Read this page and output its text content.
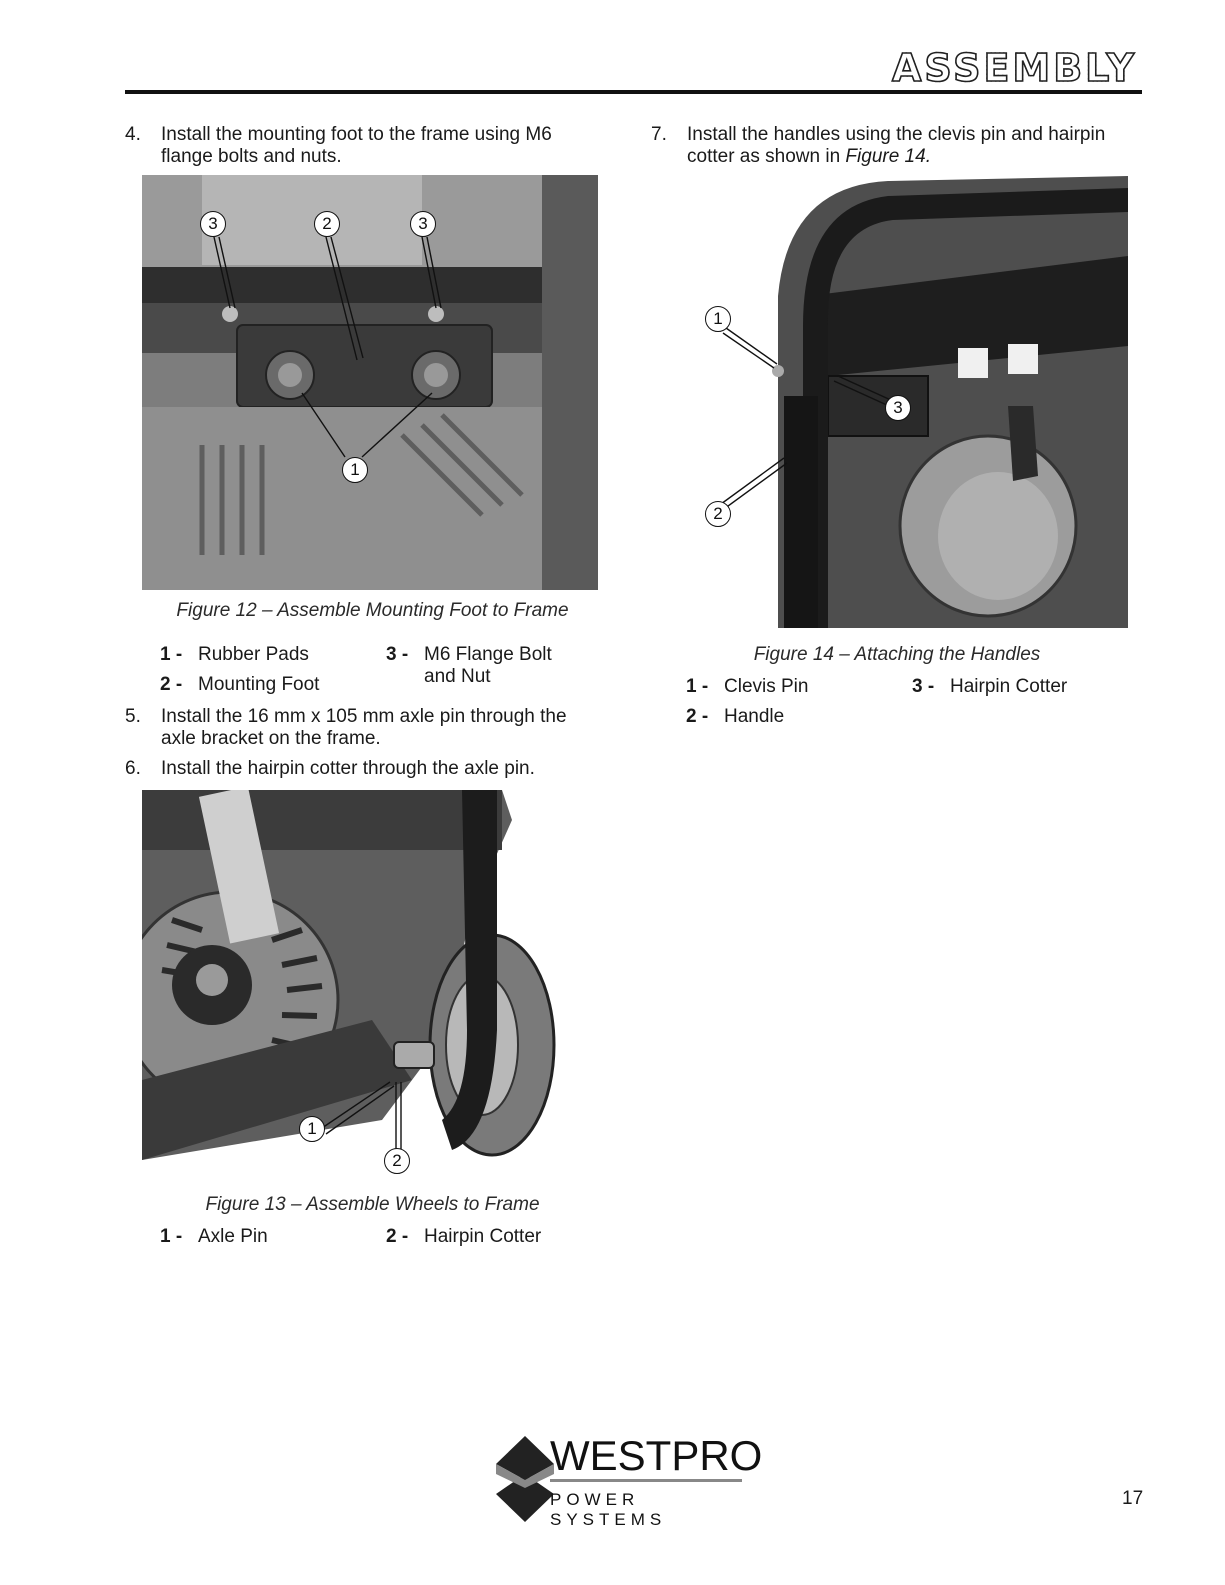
ASSEMBLY
4. Install the mounting foot to the frame using M6
flange bolts and nuts.
3	2	3
1
Figure 12 – Assemble Mounting Foot to Frame
1 - Rubber Pads
2 - Mounting Foot
3 - M6 Flange Bolt
and Nut
5. Install the 16 mm x 105 mm axle pin through the
axle bracket on the frame.
6. Install the hairpin cotter through the axle pin.
1
2
Figure 13 – Assemble Wheels to Frame
1 - Axle Pin	2 - Hairpin Cotter
7. Install the handles using the clevis pin and hairpin
cotter as shown in Figure 14.
1
3
2
Figure 14 – Attaching the Handles
1 - Clevis Pin
2 - Handle
3 - Hairpin Cotter
WESTPRO
POWER SYSTEMS
17
